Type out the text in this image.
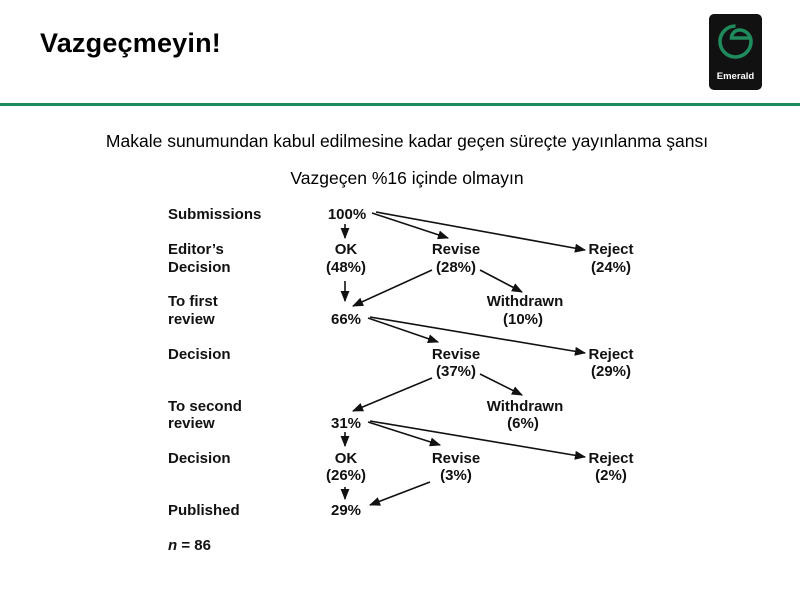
Vazgeçmeyin!
Emerald
Makale sunumundan kabul edilmesine kadar geçen süreçte yayınlanma şansı
Vazgeçen %16 içinde olmayın
Submissions
Editor’s
Decision
To first
review
Decision
To second
review
Decision
Published
n = 86
100%
OK
(48%)
66%
31%
OK
(26%)
29%
Revise
(28%)
Revise
(37%)
Revise
(3%)
Withdrawn
(10%)
Withdrawn
(6%)
Reject
(24%)
Reject
(29%)
Reject
(2%)
